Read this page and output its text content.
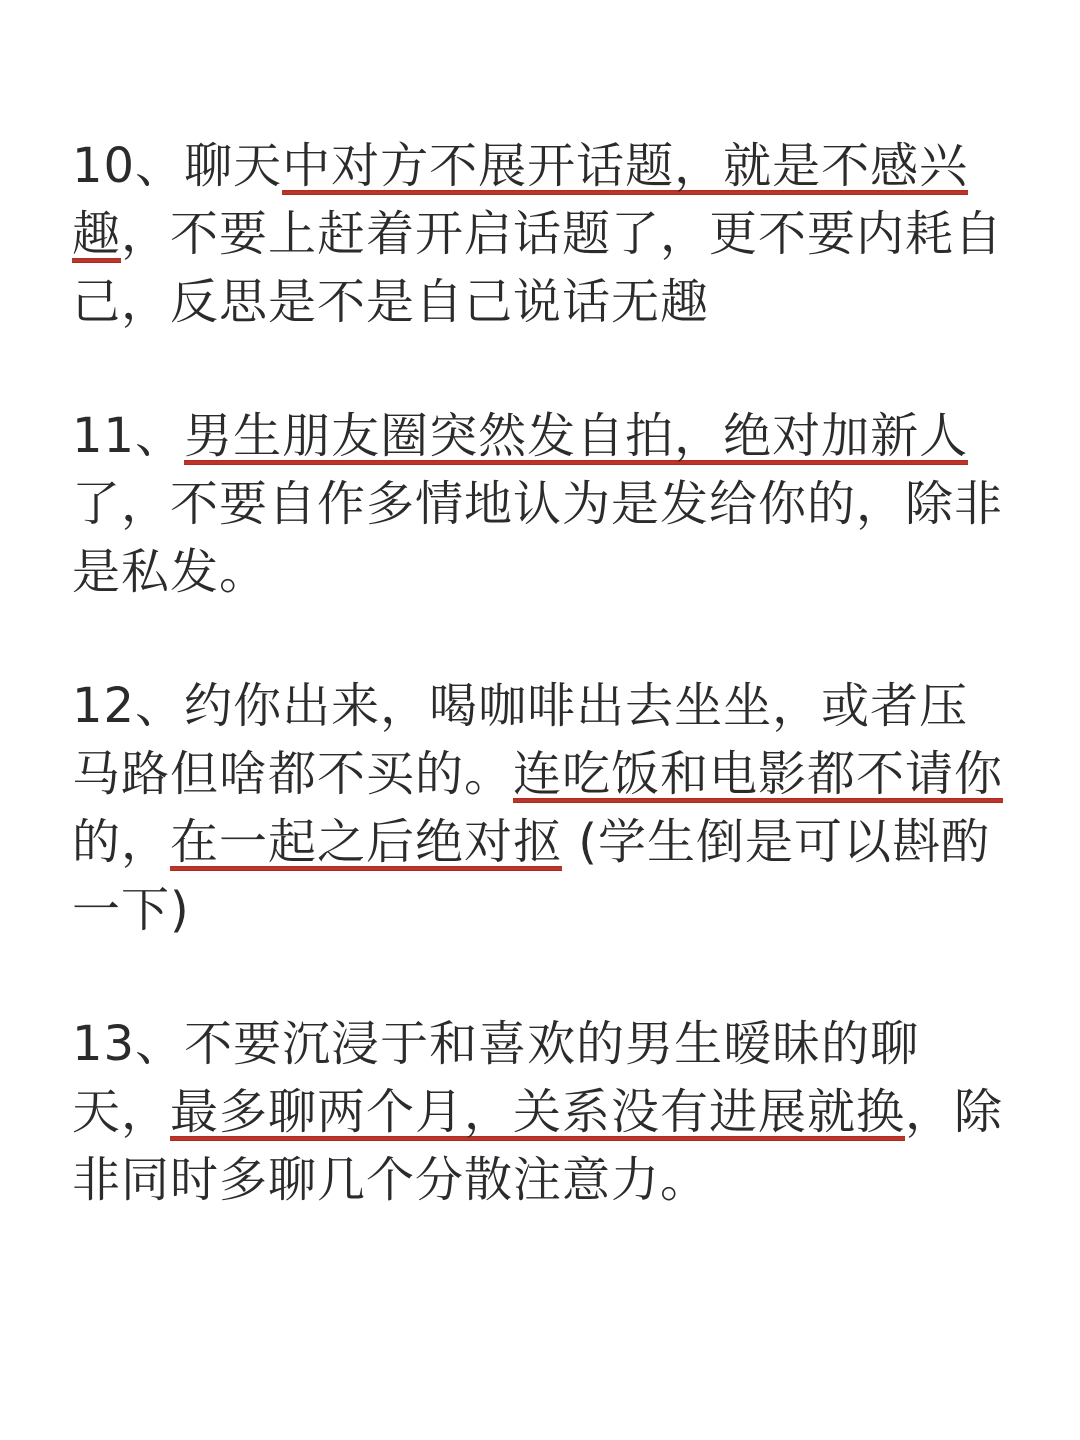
10、聊天中对方不展开话题，就是不感兴趣，不要上赶着开启话题了，更不要内耗自己，反思是不是自己说话无趣
11、男生朋友圈突然发自拍，绝对加新人了，不要自作多情地认为是发给你的，除非是私发。
12、约你出来，喝咖啡出去坐坐，或者压马路但啥都不买的。连吃饭和电影都不请你的，在一起之后绝对抠 (学生倒是可以斟酌一下)
13、不要沉浸于和喜欢的男生暧昧的聊天，最多聊两个月，关系没有进展就换，除非同时多聊几个分散注意力。
